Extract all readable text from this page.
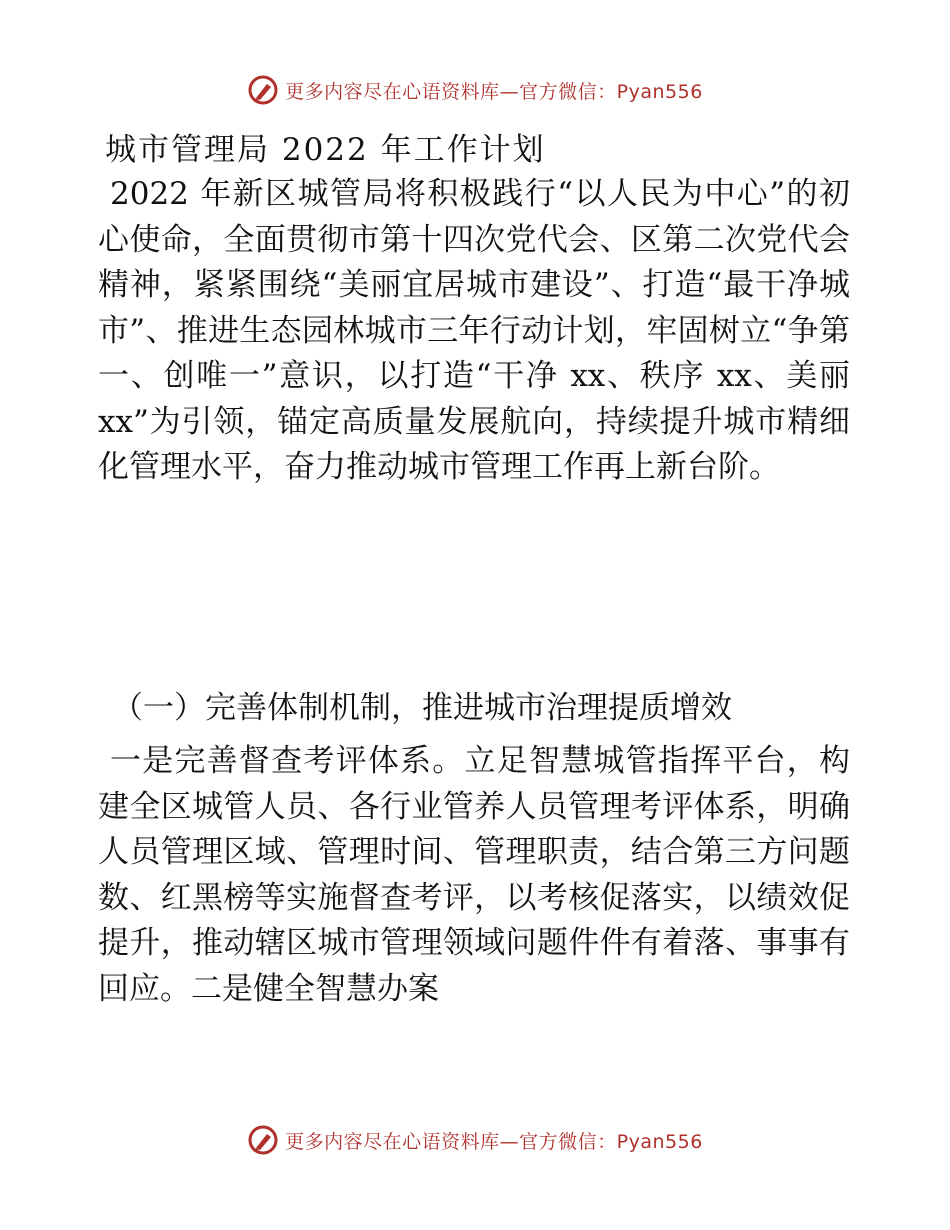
更多内容尽在心语资料库—官方微信：Pyan556
城市管理局 2022 年工作计划

2022 年新区城管局将积极践行“以人民为中心”的初心使命，全面贯彻市第十四次党代会、区第二次党代会精神，紧紧围绕“美丽宜居城市建设”、打造“最干净城市”、推进生态园林城市三年行动计划，牢固树立“争第一、创唯一”意识，以打造“干净 xx、秩序 xx、美丽 xx”为引领，锚定高质量发展航向，持续提升城市精细化管理水平，奋力推动城市管理工作再上新台阶。

（一）完善体制机制，推进城市治理提质增效

一是完善督查考评体系。立足智慧城管指挥平台，构建全区城管人员、各行业管养人员管理考评体系，明确人员管理区域、管理时间、管理职责，结合第三方问题数、红黑榜等实施督查考评，以考核促落实，以绩效促提升，推动辖区城市管理领域问题件件有着落、事事有回应。二是健全智慧办案

更多内容尽在心语资料库—官方微信：Pyan556
